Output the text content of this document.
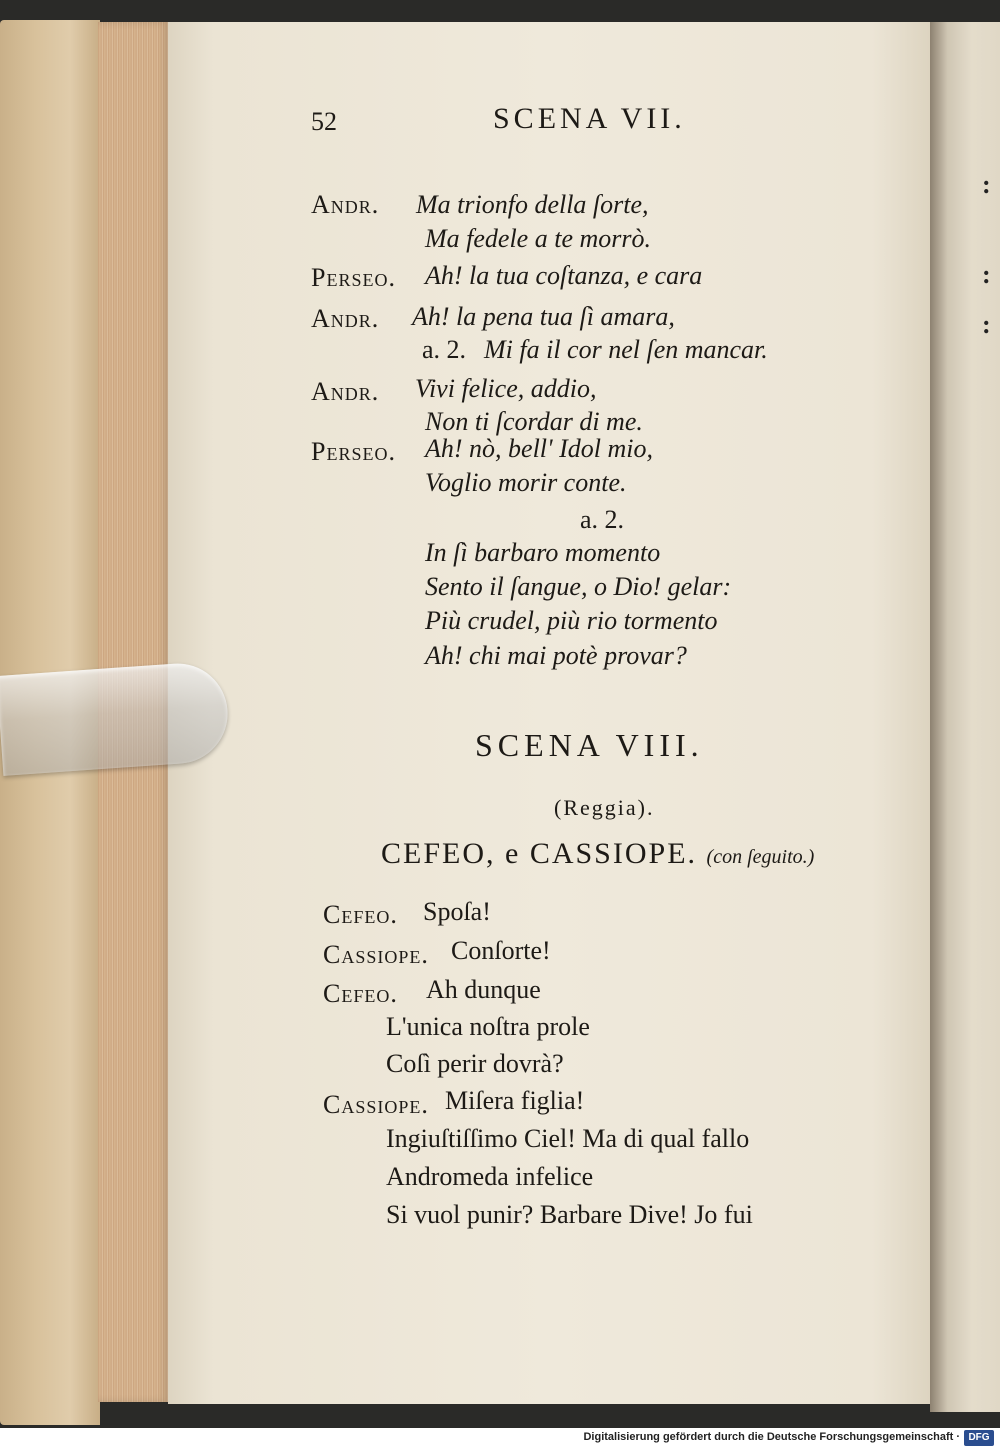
52	SCENA VII.
Andr. Ma trionfo della ſorte,
Ma fedele a te morrò.
Perseo. Ah! la tua coſtanza, e cara
Andr. Ah! la pena tua ſì amara,
a. 2. Mi fa il cor nel ſen mancar.
Andr. Vivi felice, addio,
Non ti ſcordar di me.
Perseo. Ah! nò, bell' Idol mio,
Voglio morir conte.
a. 2.
In ſì barbaro momento
Sento il ſangue, o Dio! gelar:
Più crudel, più rio tormento
Ah! chi mai potè provar?
SCENA VIII.
(Reggia).
CEFEO, e CASSIOPE. (con ſeguito.)
Cefeo. Spoſa!
Cassiope. Conſorte!
Cefeo. Ah dunque
L'unica noſtra prole
Coſì perir dovrà?
Cassiope. Miſera figlia!
Ingiuſtiſſimo Ciel! Ma di qual fallo
Andromeda infelice
Si vuol punir? Barbare Dive! Jo fui
:
:
:
Digitalisierung gefördert durch die Deutsche Forschungsgemeinschaft · DFG
